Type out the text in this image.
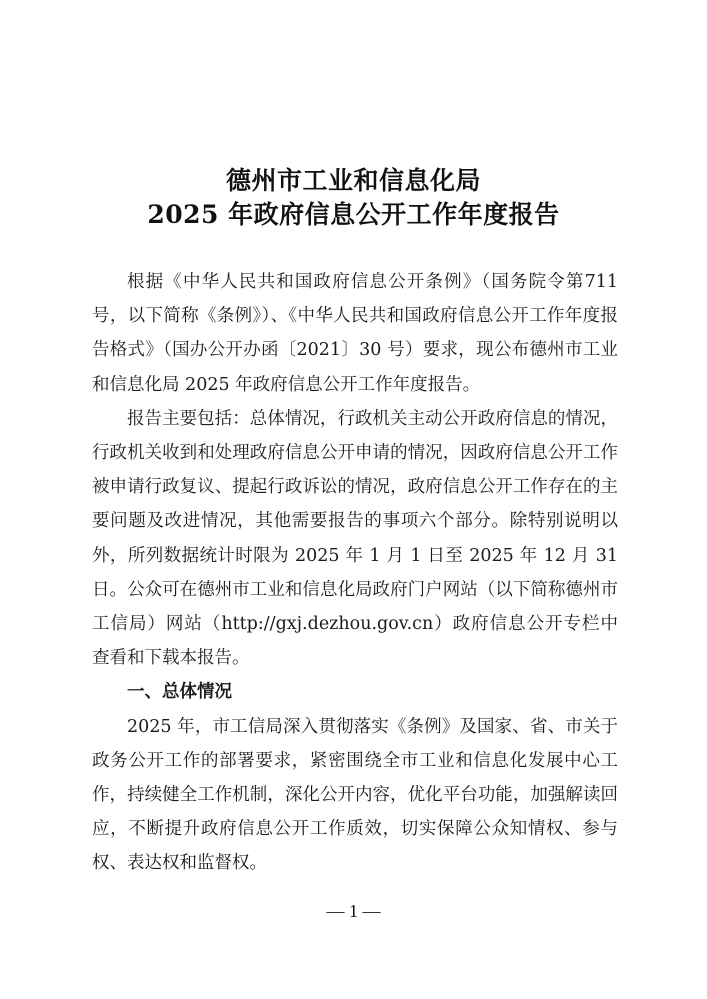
德州市工业和信息化局
2025 年政府信息公开工作年度报告

根据《中华人民共和国政府信息公开条例》（国务院令第711号，以下简称《条例》）、《中华人民共和国政府信息公开工作年度报告格式》（国办公开办函〔2021〕30 号）要求，现公布德州市工业和信息化局 2025 年政府信息公开工作年度报告。

报告主要包括：总体情况，行政机关主动公开政府信息的情况，行政机关收到和处理政府信息公开申请的情况，因政府信息公开工作被申请行政复议、提起行政诉讼的情况，政府信息公开工作存在的主要问题及改进情况，其他需要报告的事项六个部分。除特别说明以外，所列数据统计时限为 2025 年 1 月 1 日至 2025 年 12 月 31 日。公众可在德州市工业和信息化局政府门户网站（以下简称德州市工信局）网站（http://gxj.dezhou.gov.cn）政府信息公开专栏中查看和下载本报告。

一、总体情况

2025 年，市工信局深入贯彻落实《条例》及国家、省、市关于政务公开工作的部署要求，紧密围绕全市工业和信息化发展中心工作，持续健全工作机制，深化公开内容，优化平台功能，加强解读回应，不断提升政府信息公开工作质效，切实保障公众知情权、参与权、表达权和监督权。

— 1 —
